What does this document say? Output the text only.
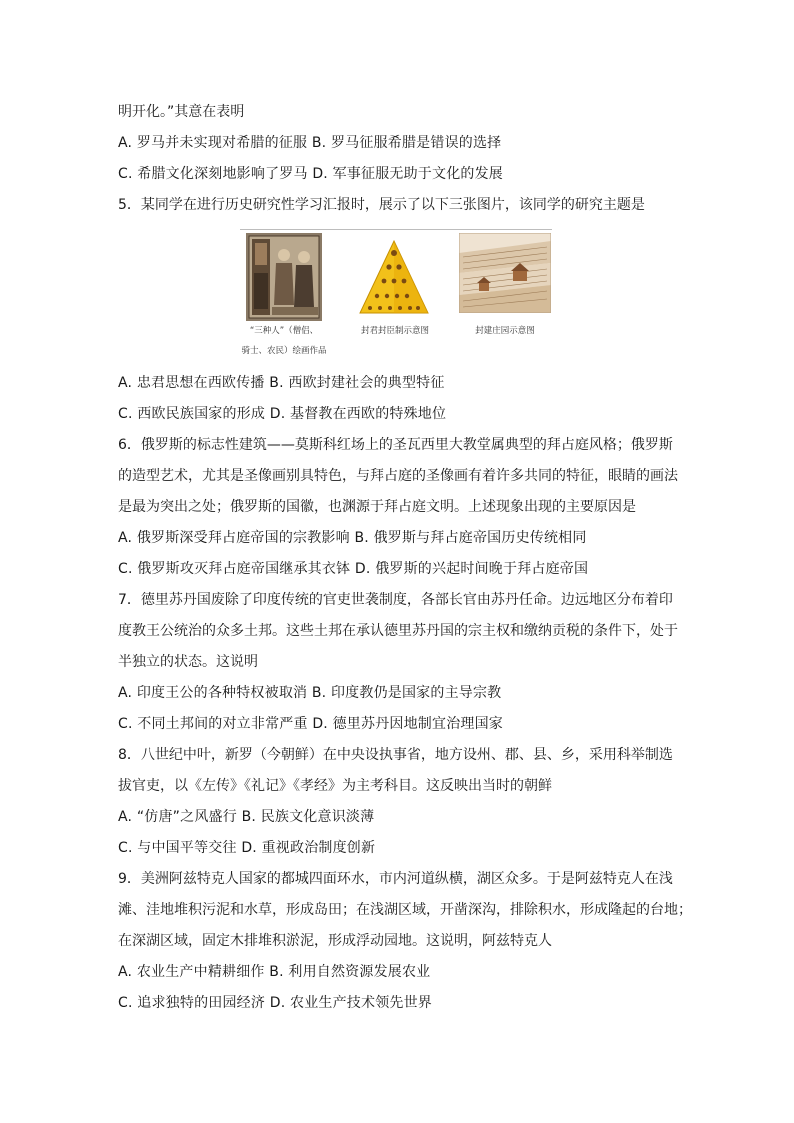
明开化。”其意在表明
A. 罗马并未实现对希腊的征服 B. 罗马征服希腊是错误的选择
C. 希腊文化深刻地影响了罗马 D. 军事征服无助于文化的发展
5．某同学在进行历史研究性学习汇报时，展示了以下三张图片，该同学的研究主题是
“三种人”（僧侣、
骑士、农民）绘画作品
封君封臣制示意图	封建庄园示意图
A. 忠君思想在西欧传播 B. 西欧封建社会的典型特征
C. 西欧民族国家的形成 D. 基督教在西欧的特殊地位
6．俄罗斯的标志性建筑——莫斯科红场上的圣瓦西里大教堂属典型的拜占庭风格；俄罗斯
的造型艺术，尤其是圣像画别具特色，与拜占庭的圣像画有着许多共同的特征，眼睛的画法
是最为突出之处；俄罗斯的国徽，也渊源于拜占庭文明。上述现象出现的主要原因是
A. 俄罗斯深受拜占庭帝国的宗教影响 B. 俄罗斯与拜占庭帝国历史传统相同
C. 俄罗斯攻灭拜占庭帝国继承其衣钵 D. 俄罗斯的兴起时间晚于拜占庭帝国
7．德里苏丹国废除了印度传统的官吏世袭制度，各部长官由苏丹任命。边远地区分布着印
度教王公统治的众多土邦。这些土邦在承认德里苏丹国的宗主权和缴纳贡税的条件下，处于
半独立的状态。这说明
A. 印度王公的各种特权被取消 B. 印度教仍是国家的主导宗教
C. 不同土邦间的对立非常严重 D. 德里苏丹因地制宜治理国家
8．八世纪中叶，新罗（今朝鲜）在中央设执事省，地方设州、郡、县、乡，采用科举制选
拔官吏，以《左传》《礼记》《孝经》为主考科目。这反映出当时的朝鲜
A. “仿唐”之风盛行 B. 民族文化意识淡薄
C. 与中国平等交往 D. 重视政治制度创新
9．美洲阿兹特克人国家的都城四面环水，市内河道纵横，湖区众多。于是阿兹特克人在浅
滩、洼地堆积污泥和水草，形成岛田；在浅湖区域，开凿深沟，排除积水，形成隆起的台地；
在深湖区域，固定木排堆积淤泥，形成浮动园地。这说明，阿兹特克人
A. 农业生产中精耕细作 B. 利用自然资源发展农业
C. 追求独特的田园经济 D. 农业生产技术领先世界
